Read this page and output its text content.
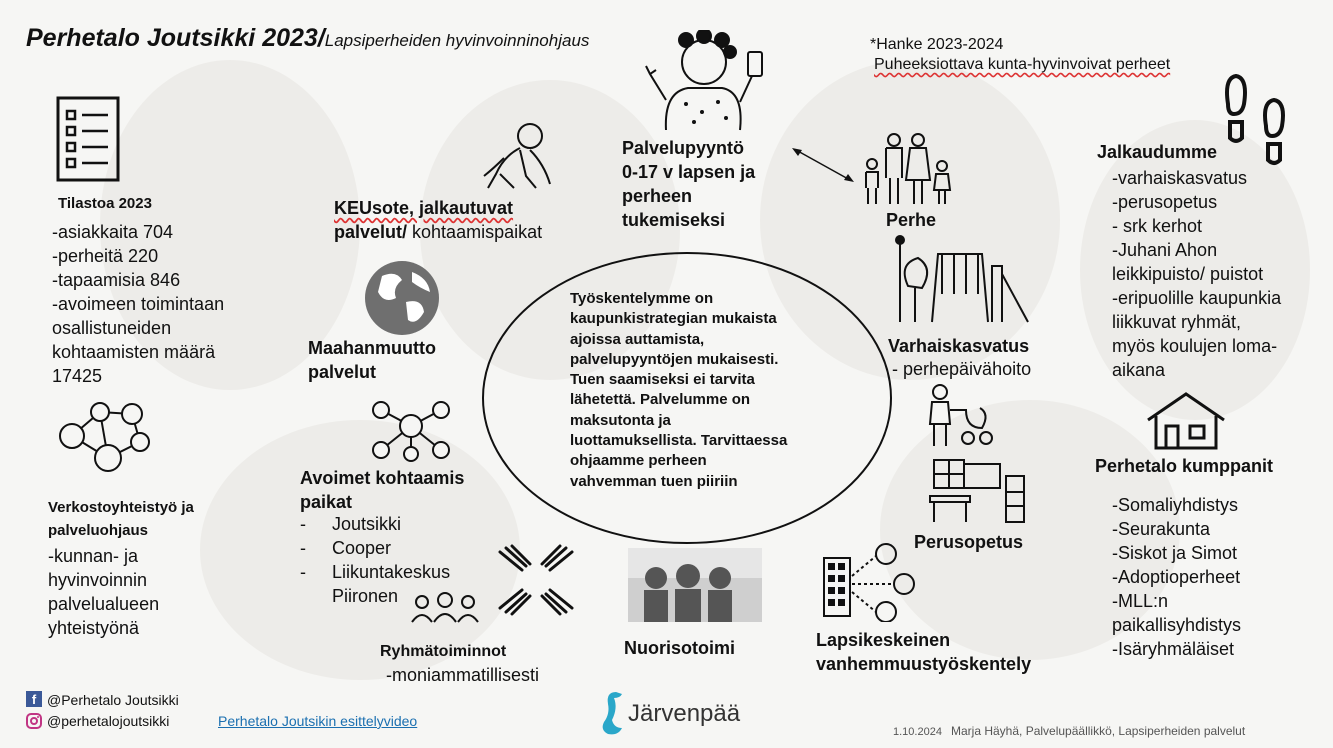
Perhetalo Joutsikki 2023/Lapsiperheiden hyvinvoinninohjaus	*Hanke 2023-2024
Puheeksiottava kunta-hyvinvoivat perheet
Tilastoa 2023
-asiakkaita 704
-perheitä 220
-tapaamisia 846
-avoimeen toimintaan
osallistuneiden
kohtaamisten määrä
17425
Verkostoyhteistyö ja
palveluohjaus
-kunnan- ja
hyvinvoinnin
palvelualueen
yhteistyönä
KEUsote, jalkautuvat
palvelut/ kohtaamispaikat
Maahanmuutto
palvelut
Avoimet kohtaamis
paikat
- Joutsikki
- Cooper
- Liikuntakeskus
Piironen
Ryhmätoiminnot
-moniammatillisesti
Nuorisotoimi	Lapsikeskeinen
vanhemmuustyöskentely
Perusopetus
Varhaiskasvatus
- perhepäivähoito
Perhe
Palvelupyyntö
0-17 v lapsen ja
perheen
tukemiseksi
Työskentelymme on
kaupunkistrategian mukaista
ajoissa auttamista,
palvelupyyntöjen mukaisesti.
Tuen saamiseksi ei tarvita
lähetettä. Palvelumme on
maksutonta ja
luottamuksellista. Tarvittaessa
ohjaamme perheen
vahvemman tuen piiriin
Jalkaudumme
-varhaiskasvatus
-perusopetus
- srk kerhot
-Juhani Ahon
leikkipuisto/ puistot
-eripuolille kaupunkia
liikkuvat ryhmät,
myös koulujen loma-
aikana
Perhetalo kumppanit
-Somaliyhdistys
-Seurakunta
-Siskot ja Simot
-Adoptioperheet
-MLL:n
paikallisyhdistys
-Isäryhmäläiset
f @Perhetalo Joutsikki
@perhetalojoutsikki	Perhetalo Joutsikin esittelyvideo	Järvenpää
1.10.2024 Marja Häyhä, Palvelupäällikkö, Lapsiperheiden palvelut
